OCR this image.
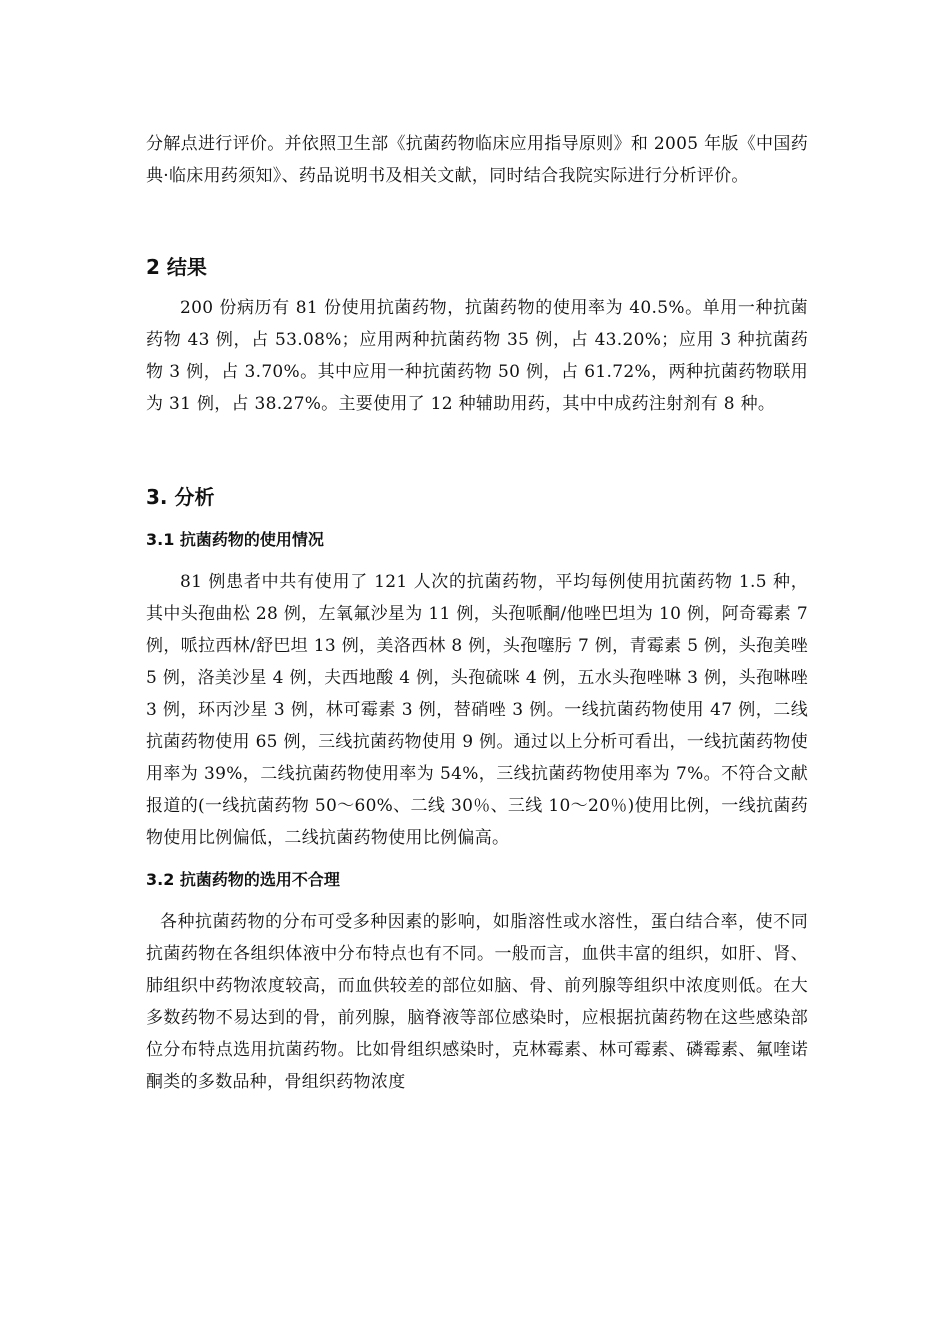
分解点进行评价。并依照卫生部《抗菌药物临床应用指导原则》和 2005 年版《中国药典·临床用药须知》、药品说明书及相关文献，同时结合我院实际进行分析评价。

2 结果

200 份病历有 81 份使用抗菌药物，抗菌药物的使用率为 40.5%。单用一种抗菌药物 43 例，占 53.08%；应用两种抗菌药物 35 例，占 43.20%；应用 3 种抗菌药物 3 例，占 3.70%。其中应用一种抗菌药物 50 例，占 61.72%，两种抗菌药物联用为 31 例，占 38.27%。主要使用了 12 种辅助用药，其中中成药注射剂有 8 种。

3. 分析
3.1 抗菌药物的使用情况

81 例患者中共有使用了 121 人次的抗菌药物，平均每例使用抗菌药物 1.5 种，其中头孢曲松 28 例，左氧氟沙星为 11 例，头孢哌酮/他唑巴坦为 10 例，阿奇霉素 7 例，哌拉西林/舒巴坦 13 例，美洛西林 8 例，头孢噻肟 7 例，青霉素 5 例，头孢美唑 5 例，洛美沙星 4 例，夫西地酸 4 例，头孢硫咪 4 例，五水头孢唑啉 3 例，头孢啉唑 3 例，环丙沙星 3 例，林可霉素 3 例，替硝唑 3 例。一线抗菌药物使用 47 例，二线抗菌药物使用 65 例，三线抗菌药物使用 9 例。通过以上分析可看出，一线抗菌药物使用率为 39%，二线抗菌药物使用率为 54%，三线抗菌药物使用率为 7%。不符合文献报道的(一线抗菌药物 50～60%、二线 30％、三线 10～20％)使用比例，一线抗菌药物使用比例偏低，二线抗菌药物使用比例偏高。

3.2 抗菌药物的选用不合理

各种抗菌药物的分布可受多种因素的影响，如脂溶性或水溶性，蛋白结合率，使不同抗菌药物在各组织体液中分布特点也有不同。一般而言，血供丰富的组织，如肝、肾、肺组织中药物浓度较高，而血供较差的部位如脑、骨、前列腺等组织中浓度则低。在大多数药物不易达到的骨，前列腺，脑脊液等部位感染时，应根据抗菌药物在这些感染部位分布特点选用抗菌药物。比如骨组织感染时，克林霉素、林可霉素、磷霉素、氟喹诺酮类的多数品种，骨组织药物浓度
